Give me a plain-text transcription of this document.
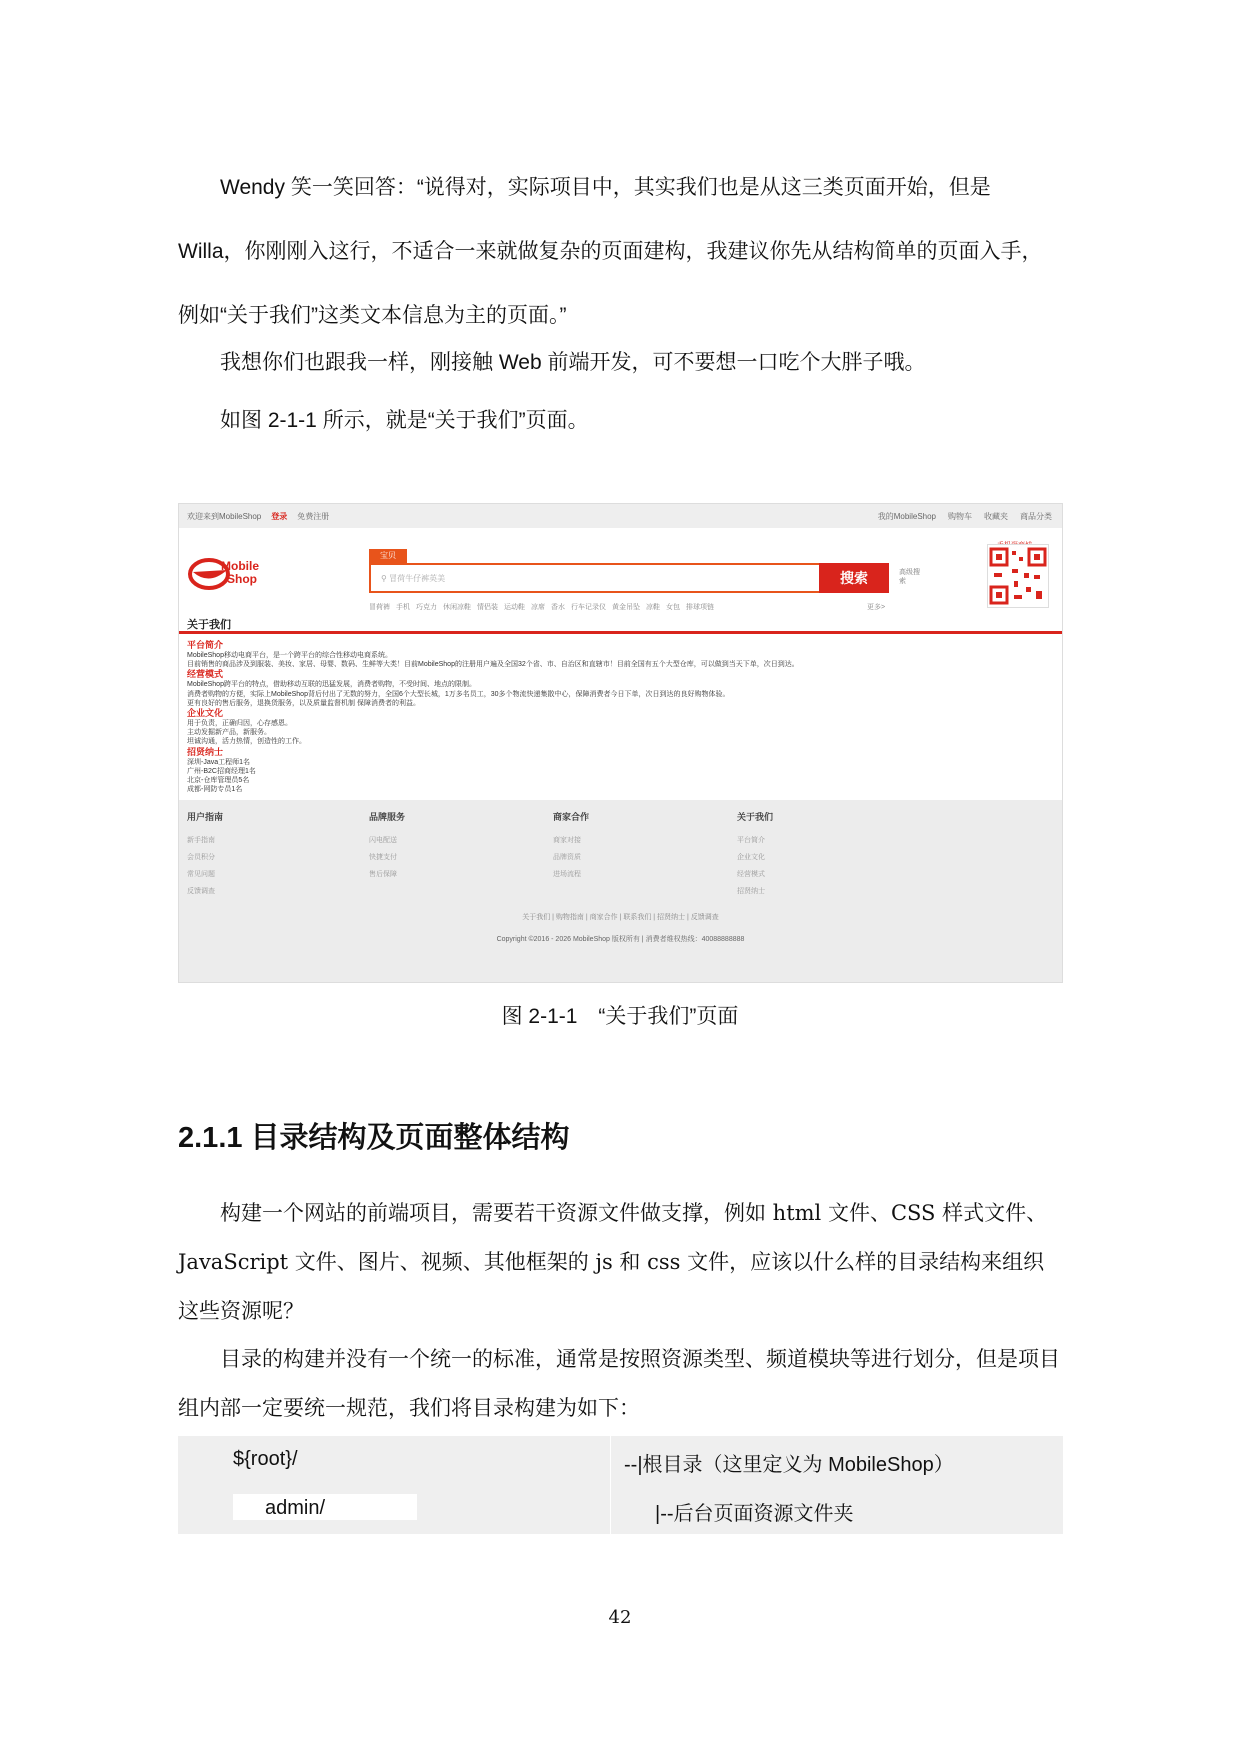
Wendy 笑一笑回答：“说得对，实际项目中，其实我们也是从这三类页面开始，但是 Willa，你刚刚入这行，不适合一来就做复杂的页面建构，我建议你先从结构简单的页面入手，例如“关于我们”这类文本信息为主的页面。”

我想你们也跟我一样，刚接触 Web 前端开发，可不要想一口吃个大胖子哦。

如图 2-1-1 所示，就是“关于我们”页面。

欢迎来到MobileShop 登录 免费注册	我的MobileShop 购物车 收藏夹 商品分类
Mobile
Shop
宝贝
⚲ 冒荷牛仔裤英美	搜索	高级搜索
冒荷裤 手机 巧克力 休闲凉鞋 情侣装 运动鞋 凉席 香水 行车记录仪 黄金吊坠 凉鞋 女包 排球项链	更多>
手机逛商城
关于我们
平台简介
MobileShop移动电商平台，是一个跨平台的综合性移动电商系统。
目前销售的商品涉及到服装、美妆、家居、母婴、数码、生鲜等大类！目前MobileShop的注册用户遍及全国32个省、市、自治区和直辖市！目前全国有五个大型仓库，可以做到当天下单，次日到达。
经营模式
MobileShop跨平台的特点，借助移动互联的迅猛发展，消费者购物，不受时间、地点的限制。
消费者购物的方便，实际上MobileShop背后付出了无数的努力，全国6个大型长城，1万多名员工，30多个物流快递集散中心，保障消费者今日下单，次日到达的良好购物体验。
更有良好的售后服务，退换货服务，以及质量监督机制 保障消费者的利益。
企业文化
用于负责，正确归因，心存感恩。
主动发掘新产品，新服务。
坦诚沟通，活力热情，创造性的工作。
招贤纳士
深圳-Java工程师1名
广州-B2C招商经理1名
北京-仓库管理员5名
成都-网防专员1名
用户指南
新手指南
会员积分
常见问题
反馈调查
品牌服务
闪电配送
快捷支付
售后保障
商家合作
商家对接
品牌资质
进场流程
关于我们
平台简介
企业文化
经营模式
招贤纳士
关于我们 | 购物指南 | 商家合作 | 联系我们 | 招贤纳士 | 反馈调查
Copyright ©2016 - 2026 MobileShop 版权所有 | 消费者维权热线：40088888888
图 2-1-1　“关于我们”页面
2.1.1 目录结构及页面整体结构

构建一个网站的前端项目，需要若干资源文件做支撑，例如 html 文件、CSS 样式文件、JavaScript 文件、图片、视频、其他框架的 js 和 css 文件，应该以什么样的目录结构来组织这些资源呢？

目录的构建并没有一个统一的标准，通常是按照资源类型、频道模块等进行划分，但是项目组内部一定要统一规范，我们将目录构建为如下：

${root}/	--|根目录（这里定义为 MobileShop）
admin/	|--后台页面资源文件夹
42
